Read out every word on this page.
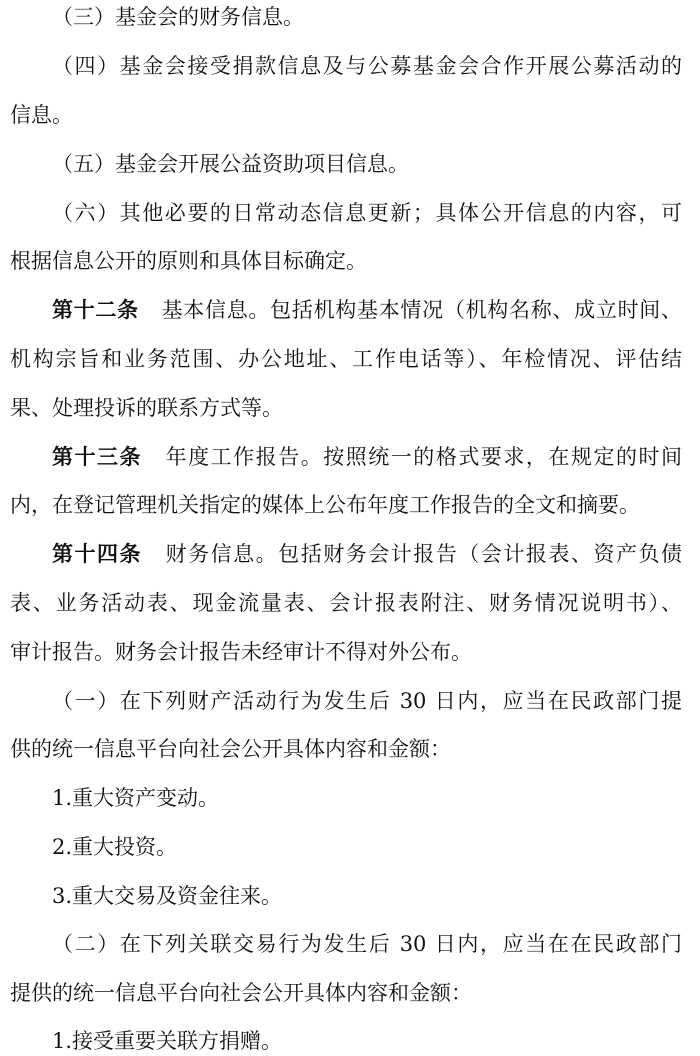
（三）基金会的财务信息。
（四）基金会接受捐款信息及与公募基金会合作开展公募活动的
信息。
（五）基金会开展公益资助项目信息。
（六）其他必要的日常动态信息更新；具体公开信息的内容，可
根据信息公开的原则和具体目标确定。
第十二条 基本信息。包括机构基本情况（机构名称、成立时间、
机构宗旨和业务范围、办公地址、工作电话等）、年检情况、评估结
果、处理投诉的联系方式等。
第十三条 年度工作报告。按照统一的格式要求，在规定的时间
内，在登记管理机关指定的媒体上公布年度工作报告的全文和摘要。
第十四条 财务信息。包括财务会计报告（会计报表、资产负债
表、业务活动表、现金流量表、会计报表附注、财务情况说明书）、
审计报告。财务会计报告未经审计不得对外公布。
（一）在下列财产活动行为发生后 30 日内，应当在民政部门提
供的统一信息平台向社会公开具体内容和金额：
1.重大资产变动。
2.重大投资。
3.重大交易及资金往来。
（二）在下列关联交易行为发生后 30 日内，应当在在民政部门
提供的统一信息平台向社会公开具体内容和金额：
1.接受重要关联方捐赠。
